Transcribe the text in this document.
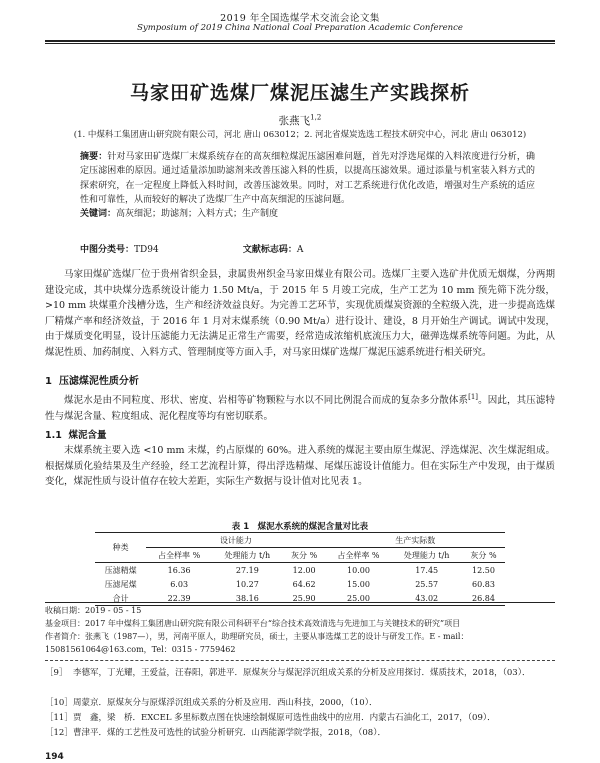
2019 年全国选煤学术交流会论文集
Symposium of 2019 China National Coal Preparation Academic Conference
马家田矿选煤厂煤泥压滤生产实践探析
张燕飞$^{1,2}$
(1. 中煤科工集团唐山研究院有限公司，河北 唐山 063012；2. 河北省煤炭选选工程技术研究中心，河北 唐山 063012)
摘要：针对马家田矿选煤厂末煤系统存在的高灰细粒煤泥压滤困难问题，首先对浮选尾煤的入料浓度进行分析，确定压滤困难的原因。通过适量添加助滤剂来改善压滤入料的性质，以提高压滤效果。通过添量与机室装入料方式的探索研究，在一定程度上降低入料时间，改善压滤效果。同时，对工艺系统进行优化改造，增强对生产系统的适应性和可靠性，从而较好的解决了选煤厂生产中高灰细泥的压滤问题。
关键词：高灰细泥；助滤剂；入料方式；生产制度
中图分类号：TD94	文献标志码：A
马家田煤矿选煤厂位于贵州省织金县，隶属贵州织金马家田煤业有限公司。选煤厂主要入选矿井优质无烟煤，分两期建设完成，其中块煤分选系统设计能力 1.50 Mt/a，于 2015 年 5 月竣工完成，生产工艺为 10 mm 预先筛下洗分级，>10 mm 块煤重介浅槽分选，生产和经济效益良好。为完善工艺环节，实现优质煤炭资源的全粒级入洗，进一步提高选煤厂精煤产率和经济效益，于 2016 年 1 月对末煤系统（0.90 Mt/a）进行设计、建设，8 月开始生产调试。调试中发现，由于煤质变化明显，设计压滤能力无法满足正常生产需要，经常造成浓缩机底流压力大，磁弹选煤系统等问题。为此，从煤泥性质、加药制度、入料方式、管理制度等方面入手，对马家田煤矿选煤厂煤泥压滤系统进行相关研究。
1 压滤煤泥性质分析
煤泥水是由不同粒度、形状、密度、岩相等矿物颗粒与水以不同比例混合而成的复杂多分散体系[1]。因此，其压滤特性与煤泥含量、粒度组成、泥化程度等均有密切联系。
1.1 煤泥含量
末煤系统主要入选 <10 mm 末煤，约占原煤的 60%。进入系统的煤泥主要由原生煤泥、浮选煤泥、次生煤泥组成。根据煤质化验结果及生产经验，经工艺流程计算，得出浮选精煤、尾煤压滤设计值能力。但在实际生产中发现，由于煤质变化，煤泥性质与设计值存在较大差距，实际生产数据与设计值对比见表 1。
表 1　煤泥水系统的煤泥含量对比表
种类	设计能力			生产实际数		
	占全样率 %	处理能力 t/h	灰分 %	占全样率 %	处理能力 t/h	灰分 %
压滤精煤	16.36	27.19	12.00	10.00	17.45	12.50
压滤尾煤	6.03	10.27	64.62	15.00	25.57	60.83
合计	22.39	38.16	25.90	25.00	43.02	26.84
收稿日期：2019 - 05 - 15
基金项目：2017 年中煤科工集团唐山研究院有限公司科研平台“综合技术高效清选与先进加工与关键技术的研究”项目
作者简介：张燕飞（1987—），男，河南平原人，助理研究员，硕士，主要从事选煤工艺的设计与研发工作。E - mail：15081561064@163.com，Tel：0315 - 7759462
［9］ 李德军，丁光耀，王爱益，汪春阳，郭进平．原煤灰分与煤泥浮沉组成关系的分析及应用探讨．煤质技术，2018，（03）．
［10］周蒙京．原煤灰分与原煤浮沉组成关系的分析及应用．西山科技，2000，（10）．
［11］贾　鑫，梁　桥．EXCEL 多里标数点图在快速绘制煤原可选性曲线中的应用．内蒙古石油化工，2017，（09）．
［12］曹津平．煤的工艺性及可选性的试验分析研究．山西能源学院学报，2018，（08）．
194
